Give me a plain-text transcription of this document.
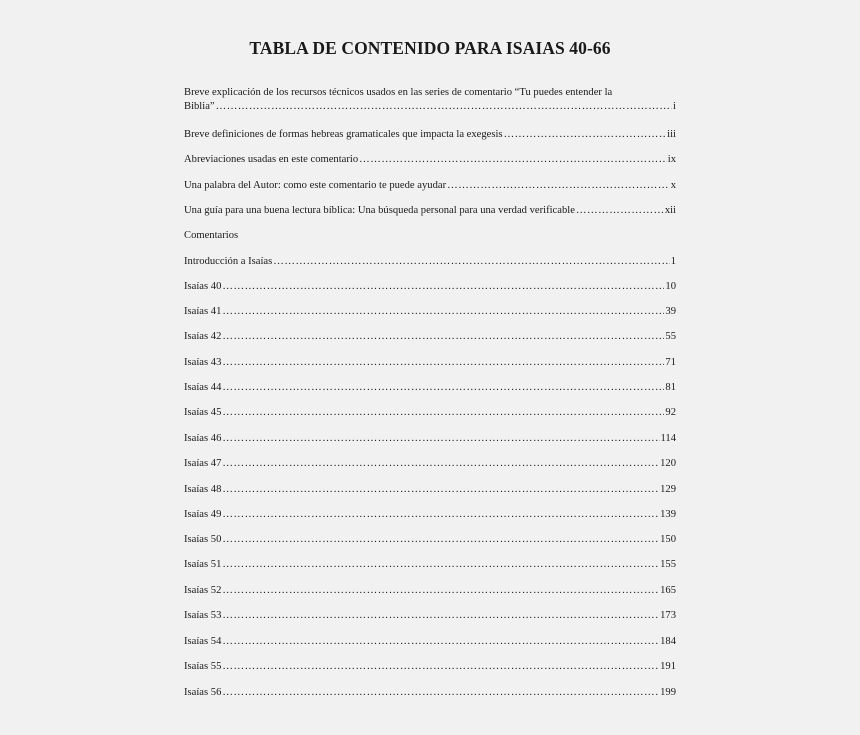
TABLA DE CONTENIDO PARA ISAIAS 40-66
Breve explicación de los recursos técnicos usados en las series de comentario “Tu puedes entender la
Biblia” …………………………………………………………………………………………………………………………………………………………………………………………………………	i
Breve definiciones de formas hebreas gramaticales que impacta la exegesis …………………………………………………………………………………………………………………………………………………………………………………………………………	iii
Abreviaciones usadas en este comentario …………………………………………………………………………………………………………………………………………………………………………………………………………	ix
Una palabra del Autor: como este comentario te puede ayudar …………………………………………………………………………………………………………………………………………………………………………………………………………	x
Una guía para una buena lectura bíblica: Una búsqueda personal para una verdad verificable …………………………………………………………………………………………………………………………………………………………………………………………………………	xii
Comentarios
Introducción a Isaías …………………………………………………………………………………………………………………………………………………………………………………………………………	1
Isaías 40 …………………………………………………………………………………………………………………………………………………………………………………………………………	10
Isaías 41 …………………………………………………………………………………………………………………………………………………………………………………………………………	39
Isaías 42 …………………………………………………………………………………………………………………………………………………………………………………………………………	55
Isaías 43 …………………………………………………………………………………………………………………………………………………………………………………………………………	71
Isaías 44 …………………………………………………………………………………………………………………………………………………………………………………………………………	81
Isaías 45 …………………………………………………………………………………………………………………………………………………………………………………………………………	92
Isaías 46 …………………………………………………………………………………………………………………………………………………………………………………………………………	114
Isaías 47 …………………………………………………………………………………………………………………………………………………………………………………………………………	120
Isaías 48 …………………………………………………………………………………………………………………………………………………………………………………………………………	129
Isaías 49 …………………………………………………………………………………………………………………………………………………………………………………………………………	139
Isaías 50 …………………………………………………………………………………………………………………………………………………………………………………………………………	150
Isaías 51 …………………………………………………………………………………………………………………………………………………………………………………………………………	155
Isaías 52 …………………………………………………………………………………………………………………………………………………………………………………………………………	165
Isaías 53 …………………………………………………………………………………………………………………………………………………………………………………………………………	173
Isaías 54 …………………………………………………………………………………………………………………………………………………………………………………………………………	184
Isaías 55 …………………………………………………………………………………………………………………………………………………………………………………………………………	191
Isaías 56 …………………………………………………………………………………………………………………………………………………………………………………………………………	199
